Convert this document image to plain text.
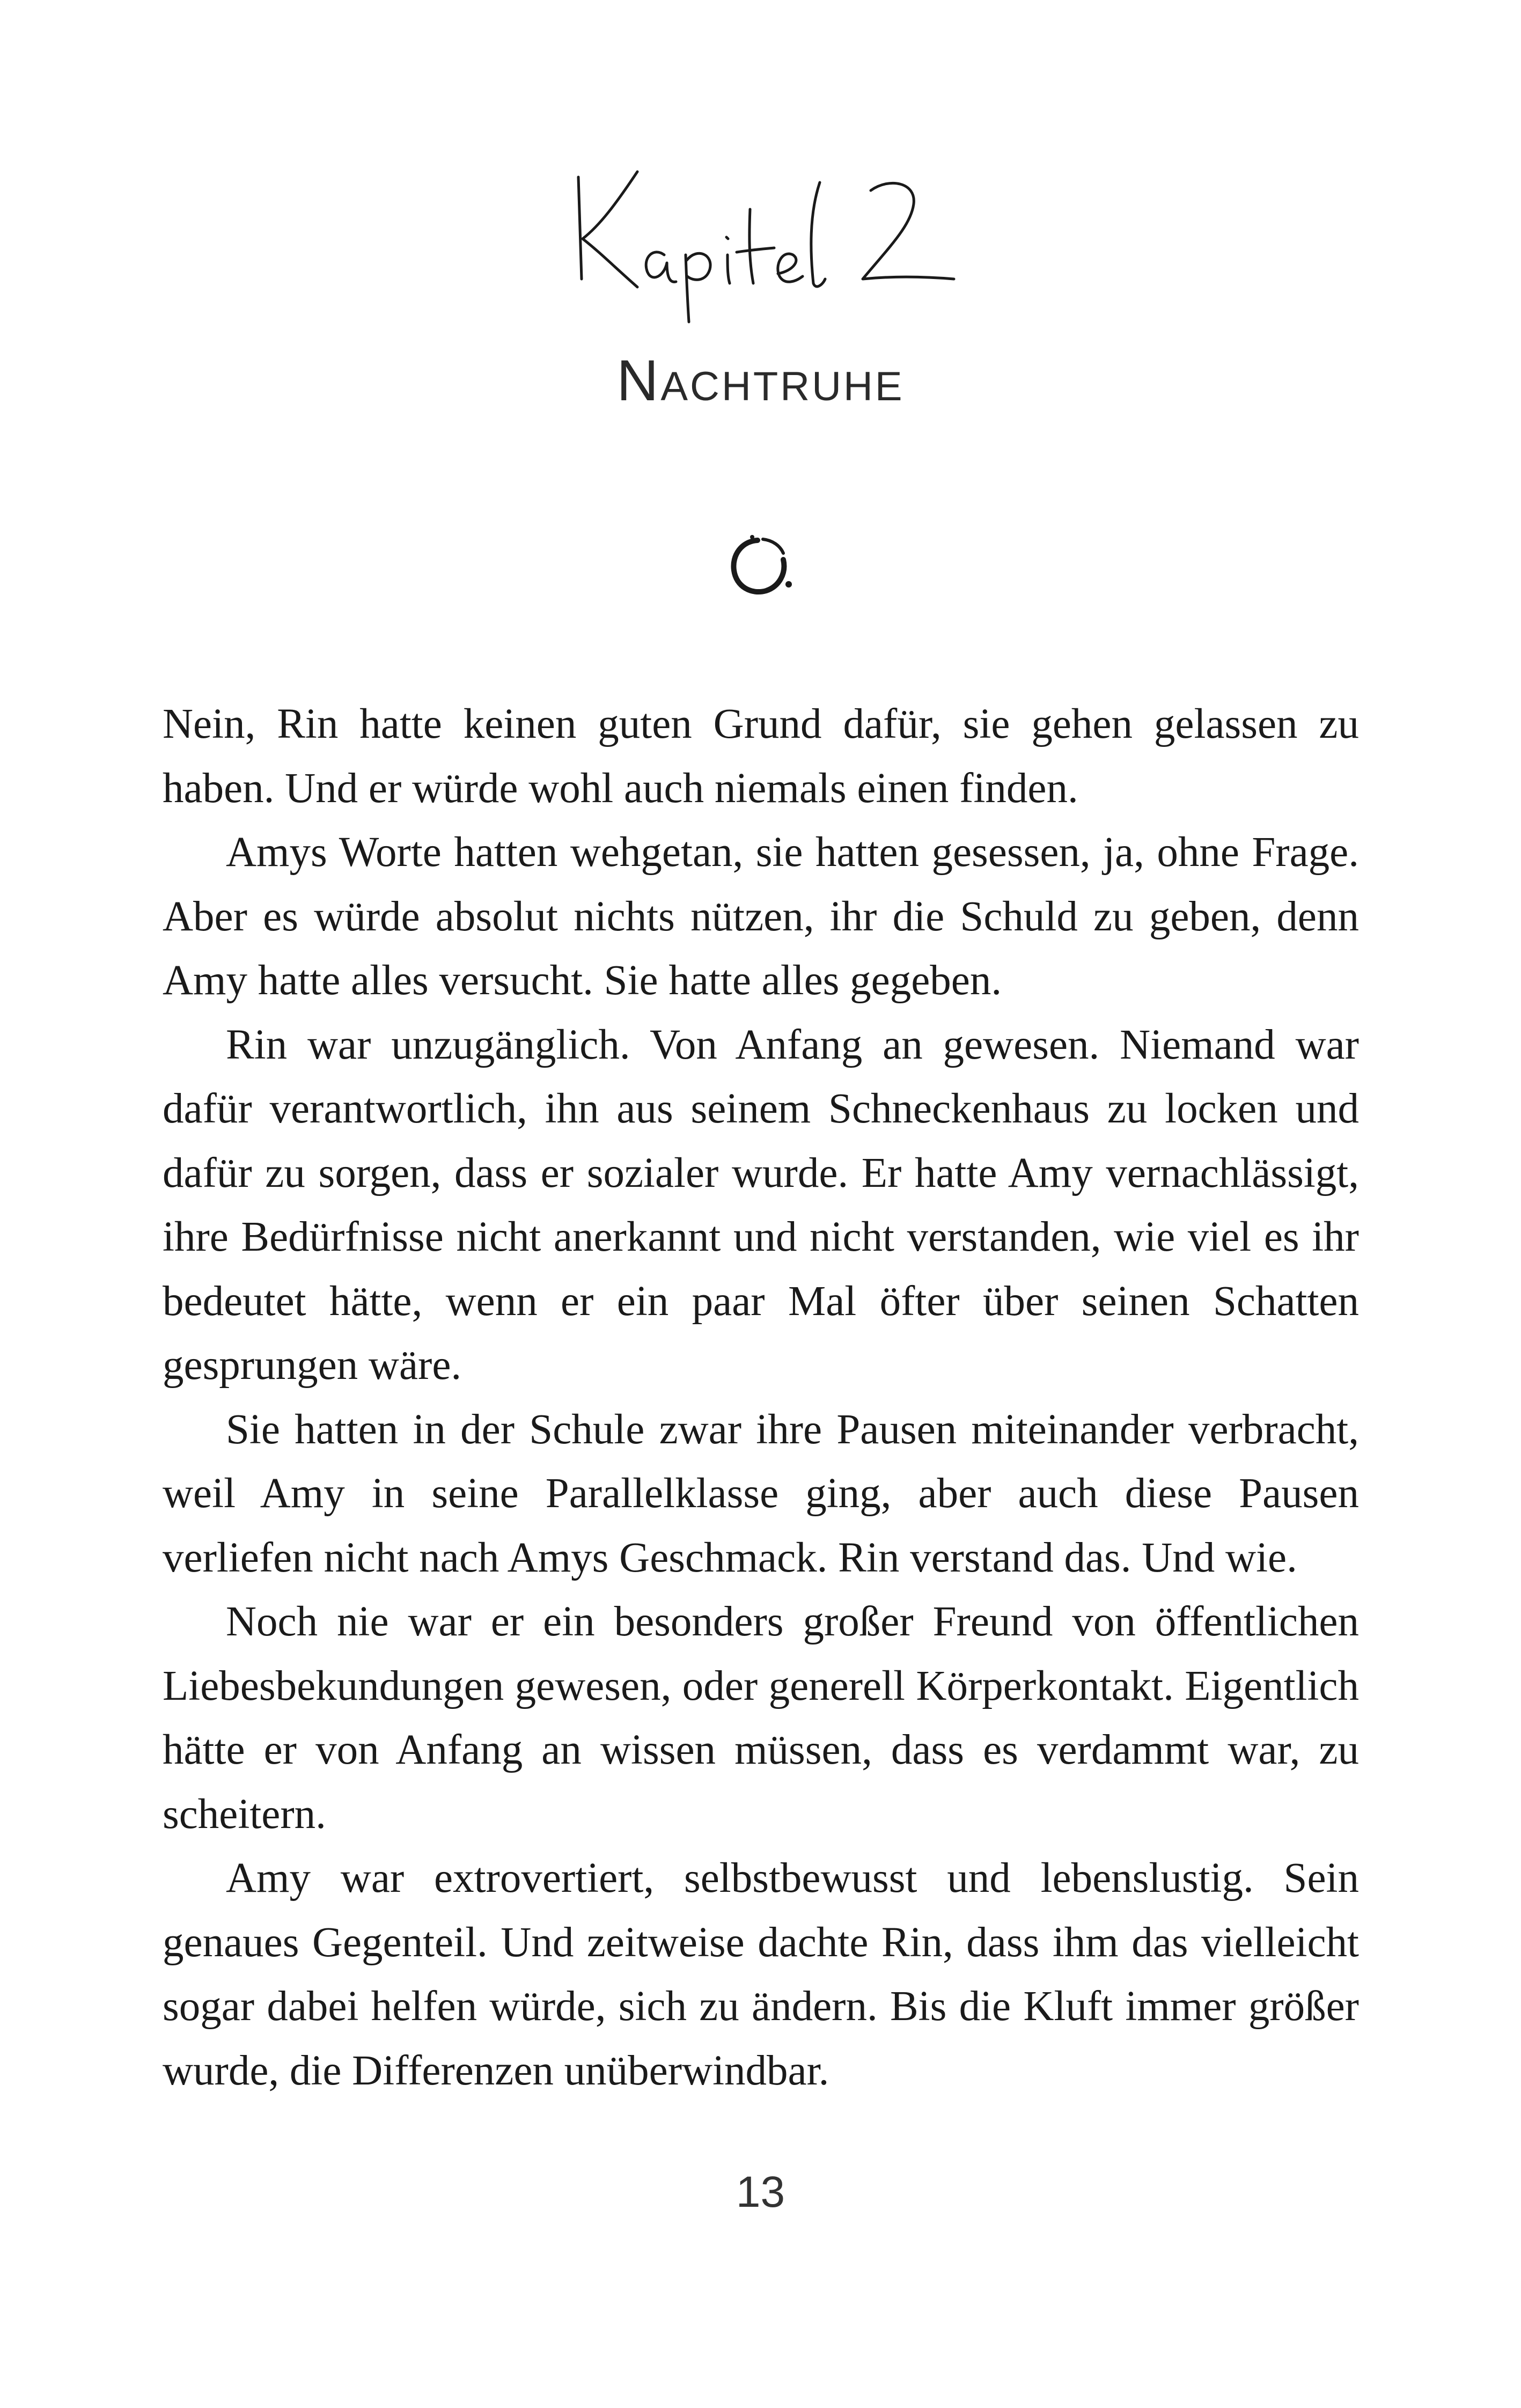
Nachtruhe

Nein, Rin hatte keinen guten Grund dafür, sie gehen gelassen zu haben. Und er würde wohl auch niemals einen finden.

Amys Worte hatten wehgetan, sie hatten gesessen, ja, ohne Frage. Aber es würde absolut nichts nützen, ihr die Schuld zu geben, denn Amy hatte alles versucht. Sie hatte alles gegeben.

Rin war unzugänglich. Von Anfang an gewesen. Niemand war dafür verantwortlich, ihn aus seinem Schneckenhaus zu locken und dafür zu sorgen, dass er sozialer wurde. Er hatte Amy vernachlässigt, ihre Bedürfnisse nicht anerkannt und nicht verstanden, wie viel es ihr bedeutet hätte, wenn er ein paar Mal öfter über seinen Schatten gesprungen wäre.

Sie hatten in der Schule zwar ihre Pausen miteinander verbracht, weil Amy in seine Parallelklasse ging, aber auch diese Pausen verliefen nicht nach Amys Geschmack. Rin verstand das. Und wie.

Noch nie war er ein besonders großer Freund von öffentlichen Liebesbekundungen gewesen, oder generell Körperkontakt. Eigentlich hätte er von Anfang an wissen müssen, dass es verdammt war, zu scheitern.

Amy war extrovertiert, selbstbewusst und lebenslustig. Sein genaues Gegenteil. Und zeitweise dachte Rin, dass ihm das vielleicht sogar dabei helfen würde, sich zu ändern. Bis die Kluft immer größer wurde, die Differenzen unüberwindbar.

13
